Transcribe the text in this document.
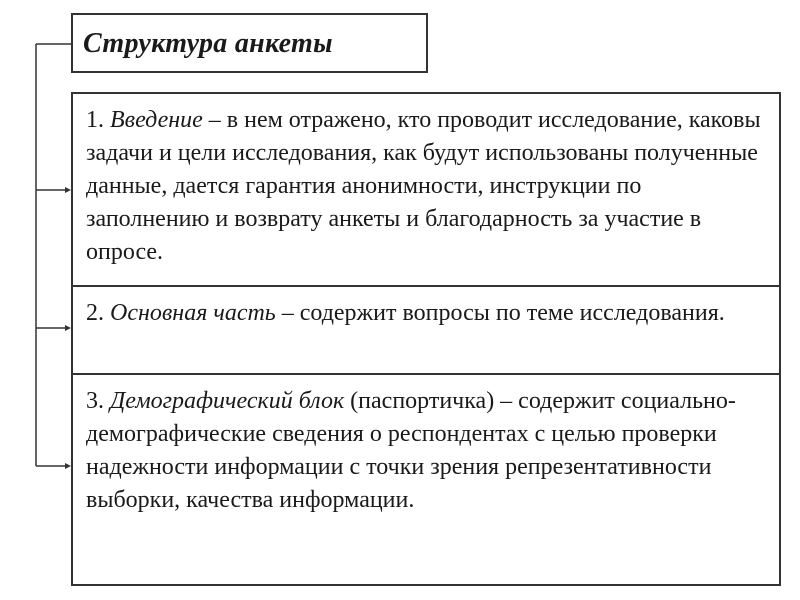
Структура анкеты
1. Введение – в нем отражено, кто проводит исследование, каковы задачи и цели исследования, как будут использованы полученные данные, дается гарантия анонимности, инструкции по заполнению и возврату анкеты и благодарность за участие в опросе.
2. Основная часть – содержит вопросы по теме исследования.
3. Демографический блок (паспортичка) – содержит социально-демографические сведения о респондентах с целью проверки надежности информации с точки зрения репрезентативности выборки, качества информации.
